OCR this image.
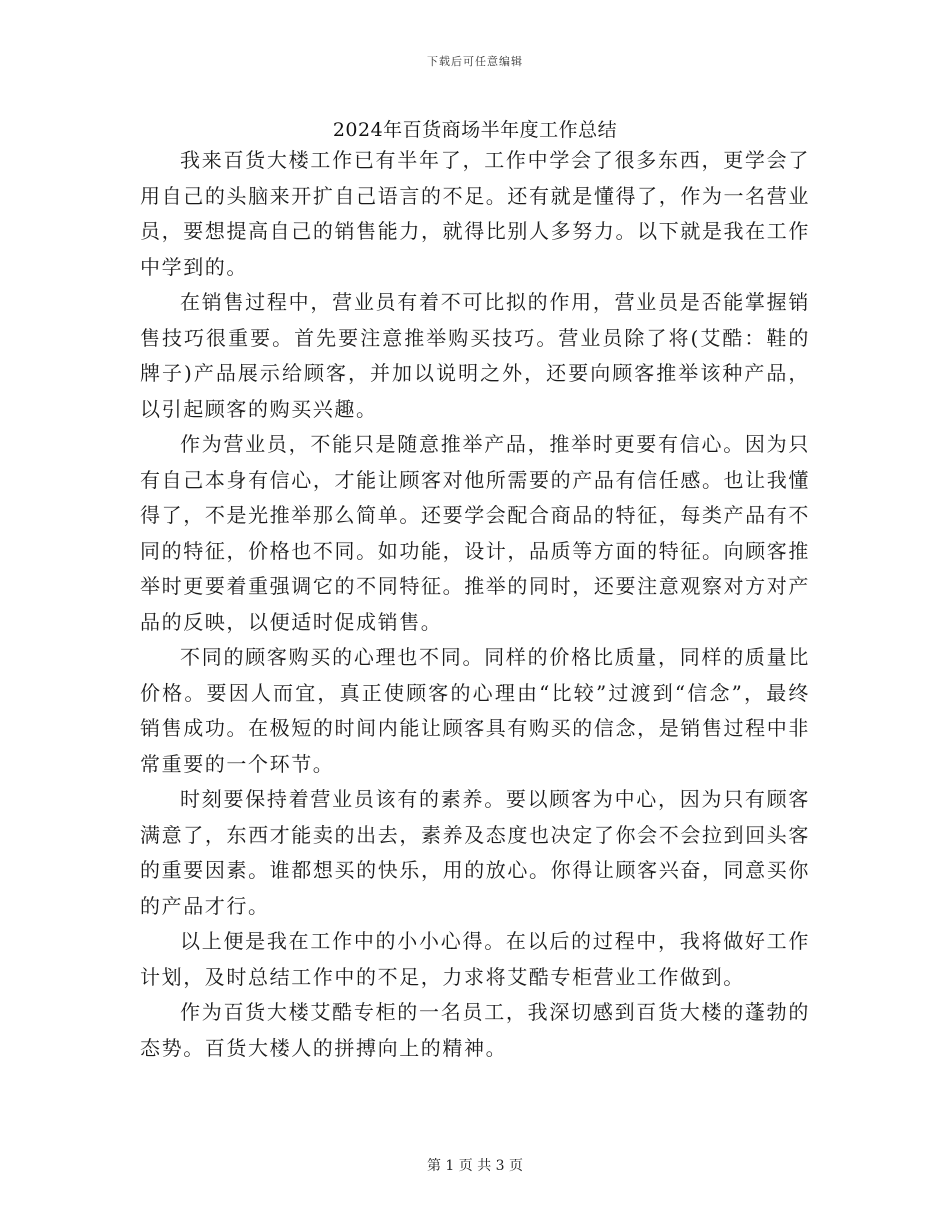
下载后可任意编辑
2024年百货商场半年度工作总结

我来百货大楼工作已有半年了，工作中学会了很多东西，更学会了用自己的头脑来开扩自己语言的不足。还有就是懂得了，作为一名营业员，要想提高自己的销售能力，就得比别人多努力。以下就是我在工作中学到的。

在销售过程中，营业员有着不可比拟的作用，营业员是否能掌握销售技巧很重要。首先要注意推举购买技巧。营业员除了将(艾酷：鞋的牌子)产品展示给顾客，并加以说明之外，还要向顾客推举该种产品，以引起顾客的购买兴趣。

作为营业员，不能只是随意推举产品，推举时更要有信心。因为只有自己本身有信心，才能让顾客对他所需要的产品有信任感。也让我懂得了，不是光推举那么简单。还要学会配合商品的特征，每类产品有不同的特征，价格也不同。如功能，设计，品质等方面的特征。向顾客推举时更要着重强调它的不同特征。推举的同时，还要注意观察对方对产品的反映，以便适时促成销售。

不同的顾客购买的心理也不同。同样的价格比质量，同样的质量比价格。要因人而宜，真正使顾客的心理由“比较”过渡到“信念”，最终销售成功。在极短的时间内能让顾客具有购买的信念，是销售过程中非常重要的一个环节。

时刻要保持着营业员该有的素养。要以顾客为中心，因为只有顾客满意了，东西才能卖的出去，素养及态度也决定了你会不会拉到回头客的重要因素。谁都想买的快乐，用的放心。你得让顾客兴奋，同意买你的产品才行。

以上便是我在工作中的小小心得。在以后的过程中，我将做好工作计划，及时总结工作中的不足，力求将艾酷专柜营业工作做到。

作为百货大楼艾酷专柜的一名员工，我深切感到百货大楼的蓬勃的态势。百货大楼人的拼搏向上的精神。

第 1 页 共 3 页
